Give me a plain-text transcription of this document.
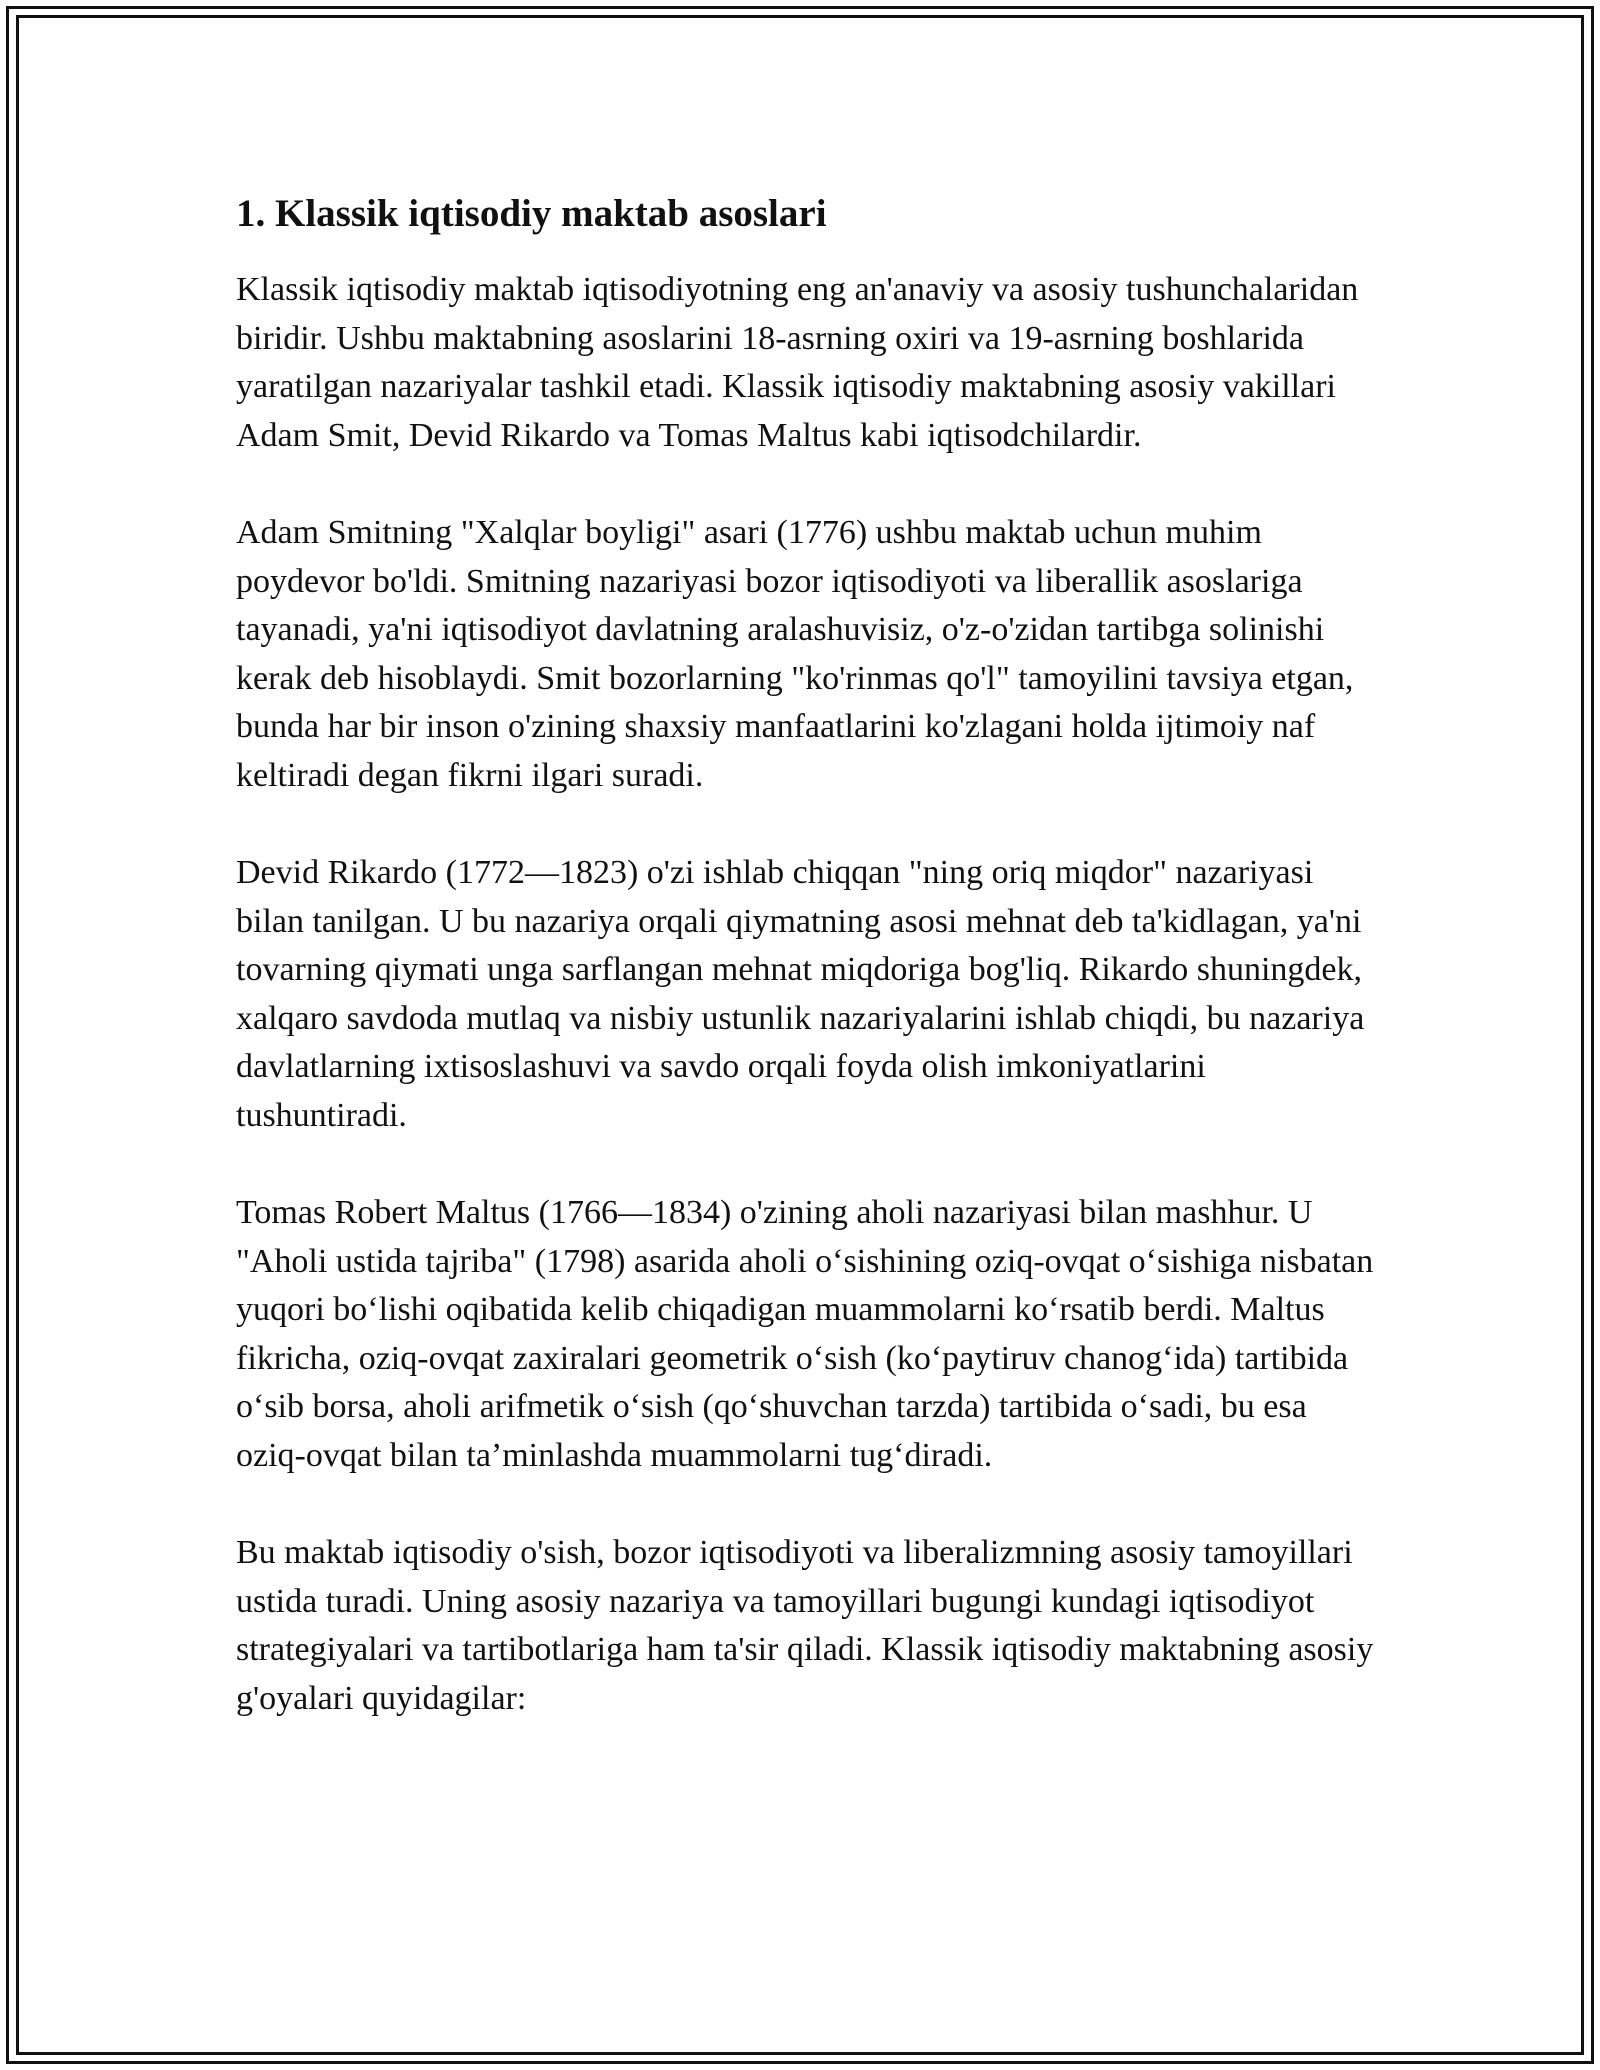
1. Klassik iqtisodiy maktab asoslari

Klassik iqtisodiy maktab iqtisodiyotning eng an'anaviy va asosiy tushunchalaridan biridir. Ushbu maktabning asoslarini 18-asrning oxiri va 19-asrning boshlarida yaratilgan nazariyalar tashkil etadi. Klassik iqtisodiy maktabning asosiy vakillari Adam Smit, Devid Rikardo va Tomas Maltus kabi iqtisodchilardir.

Adam Smitning "Xalqlar boyligi" asari (1776) ushbu maktab uchun muhim poydevor bo'ldi. Smitning nazariyasi bozor iqtisodiyoti va liberallik asoslariga tayanadi, ya'ni iqtisodiyot davlatning aralashuvisiz, o'z-o'zidan tartibga solinishi kerak deb hisoblaydi. Smit bozorlarning "ko'rinmas qo'l" tamoyilini tavsiya etgan, bunda har bir inson o'zining shaxsiy manfaatlarini ko'zlagani holda ijtimoiy naf keltiradi degan fikrni ilgari suradi.

Devid Rikardo (1772—1823) o'zi ishlab chiqqan "ning oriq miqdor" nazariyasi bilan tanilgan. U bu nazariya orqali qiymatning asosi mehnat deb ta'kidlagan, ya'ni tovarning qiymati unga sarflangan mehnat miqdoriga bog'liq. Rikardo shuningdek, xalqaro savdoda mutlaq va nisbiy ustunlik nazariyalarini ishlab chiqdi, bu nazariya davlatlarning ixtisoslashuvi va savdo orqali foyda olish imkoniyatlarini tushuntiradi.

Tomas Robert Maltus (1766—1834) o'zining aholi nazariyasi bilan mashhur. U "Aholi ustida tajriba" (1798) asarida aholi o‘sishining oziq-ovqat o‘sishiga nisbatan yuqori bo‘lishi oqibatida kelib chiqadigan muammolarni ko‘rsatib berdi. Maltus fikricha, oziq-ovqat zaxiralari geometrik o‘sish (ko‘paytiruv chanog‘ida) tartibida o‘sib borsa, aholi arifmetik o‘sish (qo‘shuvchan tarzda) tartibida o‘sadi, bu esa oziq-ovqat bilan ta’minlashda muammolarni tug‘diradi.

Bu maktab iqtisodiy o'sish, bozor iqtisodiyoti va liberalizmning asosiy tamoyillari ustida turadi. Uning asosiy nazariya va tamoyillari bugungi kundagi iqtisodiyot strategiyalari va tartibotlariga ham ta'sir qiladi. Klassik iqtisodiy maktabning asosiy g'oyalari quyidagilar:
